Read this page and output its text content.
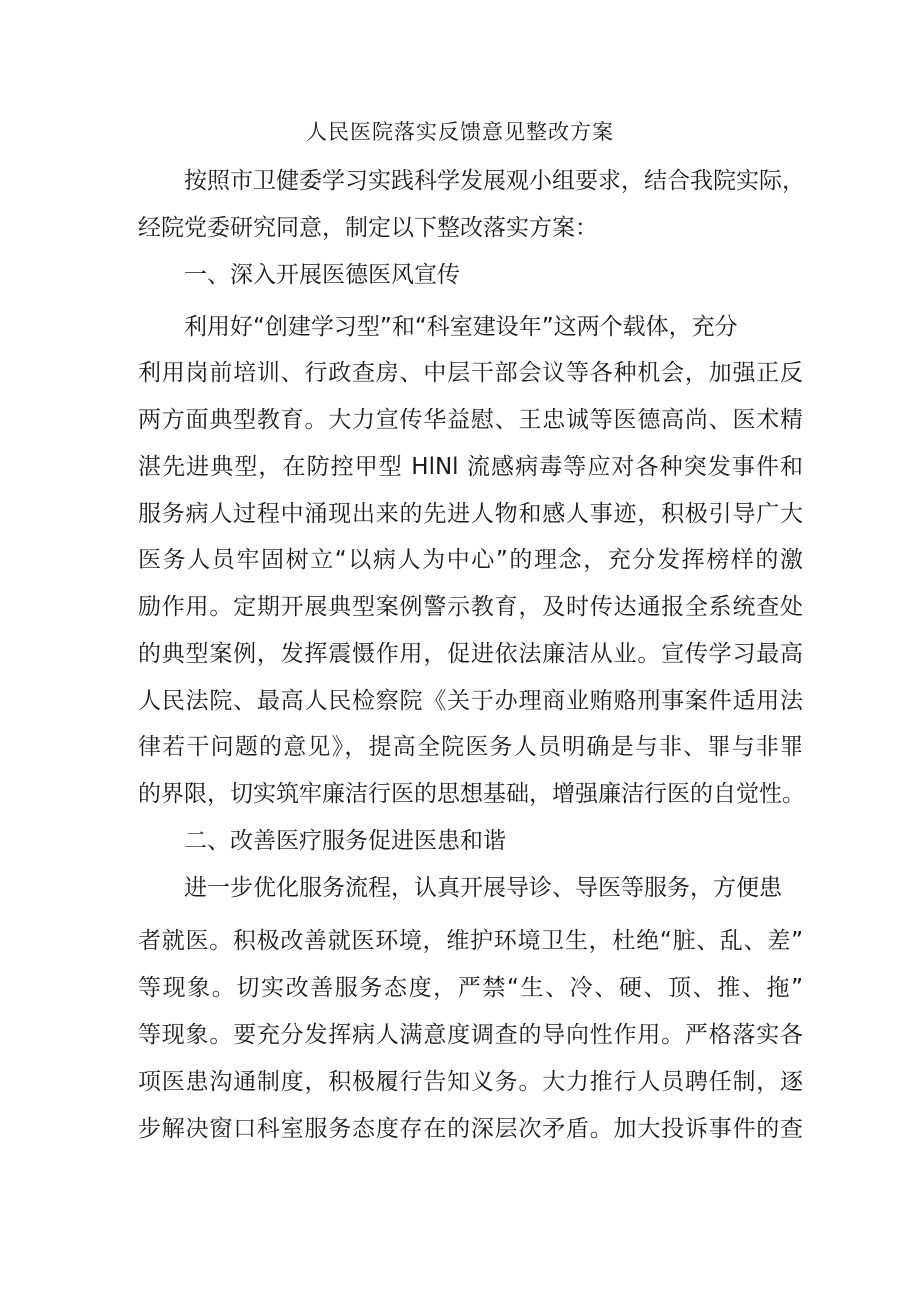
人民医院落实反馈意见整改方案
按照市卫健委学习实践科学发展观小组要求，结合我院实际，
经院党委研究同意，制定以下整改落实方案：
一、深入开展医德医风宣传
利用好“创建学习型”和“科室建设年”这两个载体，充分
利用岗前培训、行政查房、中层干部会议等各种机会，加强正反
两方面典型教育。大力宣传华益慰、王忠诚等医德高尚、医术精
湛先进典型，在防控甲型 HlNl 流感病毒等应对各种突发事件和
服务病人过程中涌现出来的先进人物和感人事迹，积极引导广大
医务人员牢固树立“以病人为中心”的理念，充分发挥榜样的激
励作用。定期开展典型案例警示教育，及时传达通报全系统查处
的典型案例，发挥震慑作用，促进依法廉洁从业。宣传学习最高
人民法院、最高人民检察院《关于办理商业贿赂刑事案件适用法
律若干问题的意见》，提高全院医务人员明确是与非、罪与非罪
的界限，切实筑牢廉洁行医的思想基础，增强廉洁行医的自觉性。
二、改善医疗服务促进医患和谐
进一步优化服务流程，认真开展导诊、导医等服务，方便患
者就医。积极改善就医环境，维护环境卫生，杜绝“脏、乱、差”
等现象。切实改善服务态度，严禁“生、冷、硬、顶、推、拖”
等现象。要充分发挥病人满意度调查的导向性作用。严格落实各
项医患沟通制度，积极履行告知义务。大力推行人员聘任制，逐
步解决窗口科室服务态度存在的深层次矛盾。加大投诉事件的查
